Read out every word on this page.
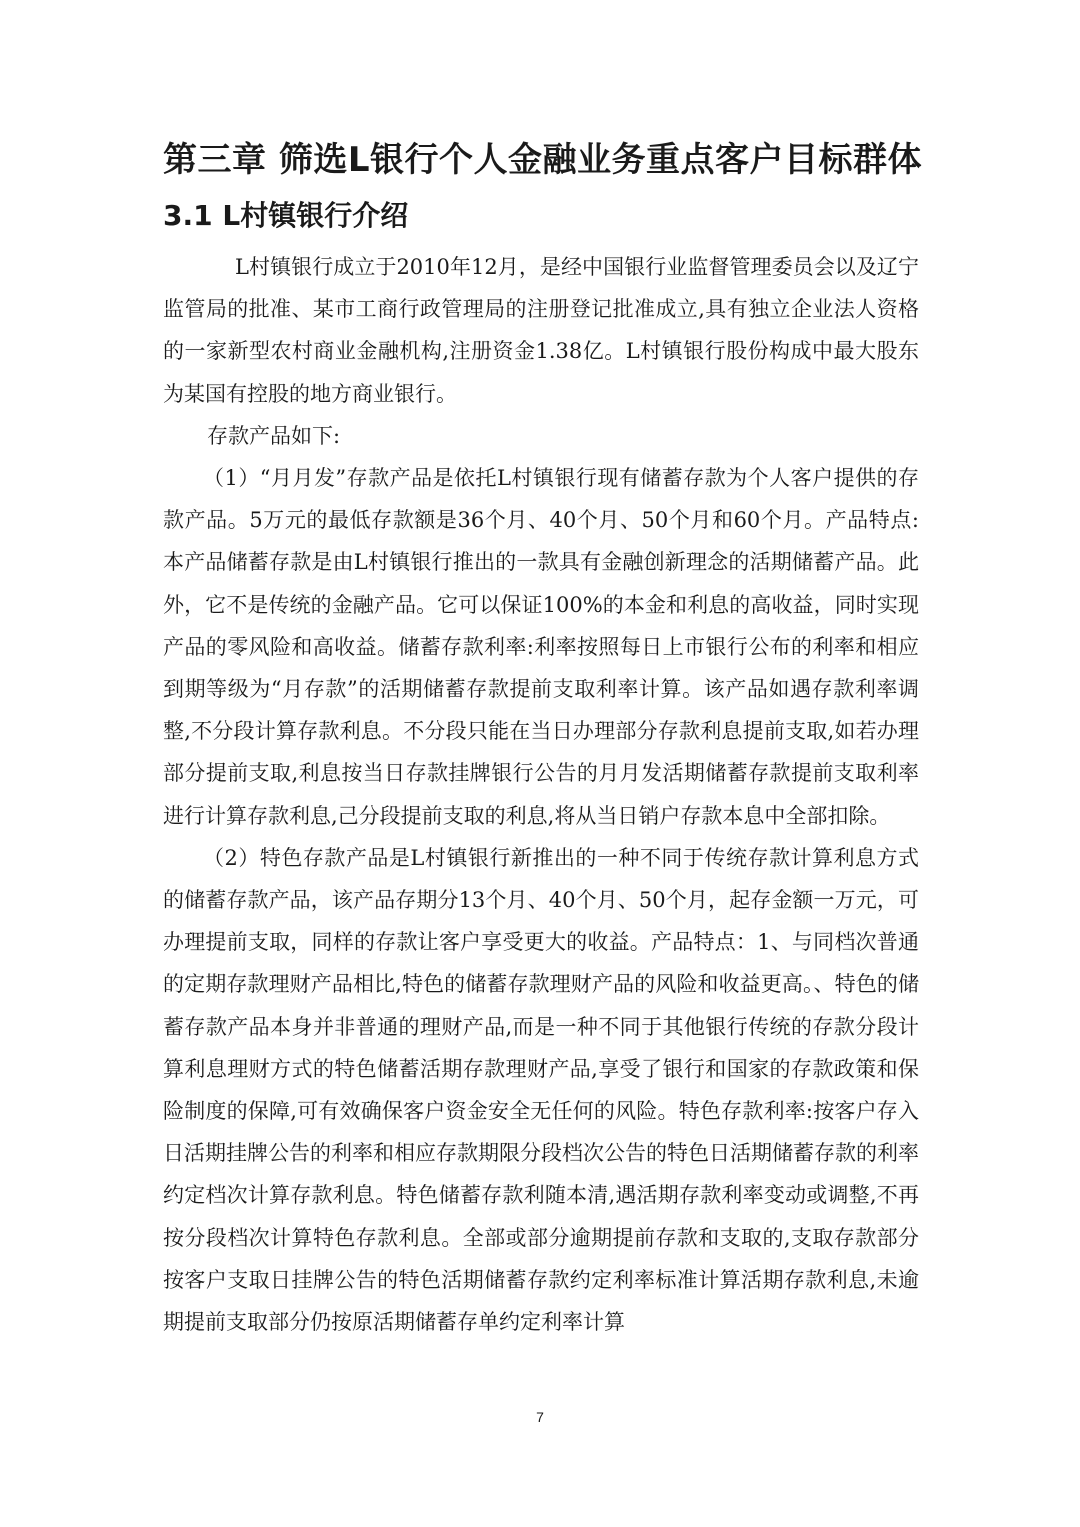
第三章 筛选L银行个人金融业务重点客户目标群体
3.1 L村镇银行介绍

L村镇银行成立于2010年12月，是经中国银行业监督管理委员会以及辽宁监管局的批准、某市工商行政管理局的注册登记批准成立,具有独立企业法人资格的一家新型农村商业金融机构,注册资金1.38亿。L村镇银行股份构成中最大股东为某国有控股的地方商业银行。

存款产品如下:

（1）“月月发”存款产品是依托L村镇银行现有储蓄存款为个人客户提供的存款产品。5万元的最低存款额是36个月、40个月、50个月和60个月。产品特点:本产品储蓄存款是由L村镇银行推出的一款具有金融创新理念的活期储蓄产品。此外，它不是传统的金融产品。它可以保证100%的本金和利息的高收益，同时实现产品的零风险和高收益。储蓄存款利率:利率按照每日上市银行公布的利率和相应到期等级为“月存款”的活期储蓄存款提前支取利率计算。该产品如遇存款利率调整,不分段计算存款利息。不分段只能在当日办理部分存款利息提前支取,如若办理部分提前支取,利息按当日存款挂牌银行公告的月月发活期储蓄存款提前支取利率进行计算存款利息,己分段提前支取的利息,将从当日销户存款本息中全部扣除。

（2）特色存款产品是L村镇银行新推出的一种不同于传统存款计算利息方式的储蓄存款产品，该产品存期分13个月、40个月、50个月，起存金额一万元，可办理提前支取，同样的存款让客户享受更大的收益。产品特点：1、与同档次普通的定期存款理财产品相比,特色的储蓄存款理财产品的风险和收益更高。、特色的储蓄存款产品本身并非普通的理财产品,而是一种不同于其他银行传统的存款分段计算利息理财方式的特色储蓄活期存款理财产品,享受了银行和国家的存款政策和保险制度的保障,可有效确保客户资金安全无任何的风险。特色存款利率:按客户存入日活期挂牌公告的利率和相应存款期限分段档次公告的特色日活期储蓄存款的利率约定档次计算存款利息。特色储蓄存款利随本清,遇活期存款利率变动或调整,不再按分段档次计算特色存款利息。全部或部分逾期提前存款和支取的,支取存款部分按客户支取日挂牌公告的特色活期储蓄存款约定利率标准计算活期存款利息,未逾期提前支取部分仍按原活期储蓄存单约定利率计算

7
